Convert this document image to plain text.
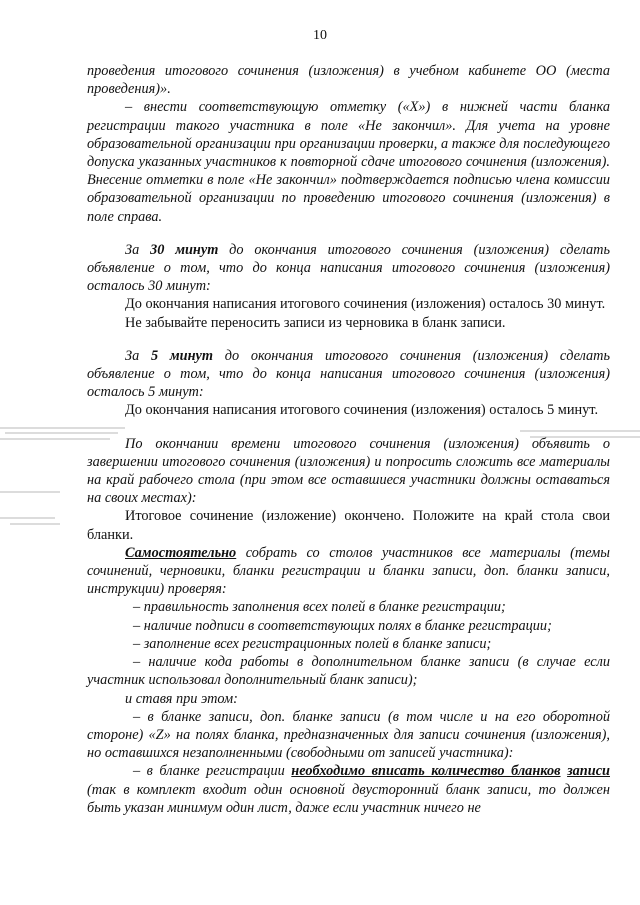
10

проведения итогового сочинения (изложения) в учебном кабинете ОО (места проведения)».

– внести соответствующую отметку («X») в нижней части бланка регистрации такого участника в поле «Не закончил». Для учета на уровне образовательной организации при организации проверки, а также для последующего допуска указанных участников к повторной сдаче итогового сочинения (изложения). Внесение отметки в поле «Не закончил» подтверждается подписью члена комиссии образовательной организации по проведению итогового сочинения (изложения) в поле справа.

За 30 минут до окончания итогового сочинения (изложения) сделать объявление о том, что до конца написания итогового сочинения (изложения) осталось 30 минут:

До окончания написания итогового сочинения (изложения) осталось 30 минут.

Не забывайте переносить записи из черновика в бланк записи.

За 5 минут до окончания итогового сочинения (изложения) сделать объявление о том, что до конца написания итогового сочинения (изложения) осталось 5 минут:

До окончания написания итогового сочинения (изложения) осталось 5 минут.

По окончании времени итогового сочинения (изложения) объявить о завершении итогового сочинения (изложения) и попросить сложить все материалы на край рабочего стола (при этом все оставшиеся участники должны оставаться на своих местах):

Итоговое сочинение (изложение) окончено. Положите на край стола свои бланки.

Самостоятельно собрать со столов участников все материалы (темы сочинений, черновики, бланки регистрации и бланки записи, доп. бланки записи, инструкции) проверяя:

– правильность заполнения всех полей в бланке регистрации;

– наличие подписи в соответствующих полях в бланке регистрации;

– заполнение всех регистрационных полей в бланке записи;

– наличие кода работы в дополнительном бланке записи (в случае если участник использовал дополнительный бланк записи);

и ставя при этом:

– в бланке записи, доп. бланке записи (в том числе и на его оборотной стороне) «Z» на полях бланка, предназначенных для записи сочинения (изложения), но оставшихся незаполненными (свободными от записей участника):

– в бланке регистрации необходимо вписать количество бланков записи (так в комплект входит один основной двусторонний бланк записи, то должен быть указан минимум один лист, даже если участник ничего не
